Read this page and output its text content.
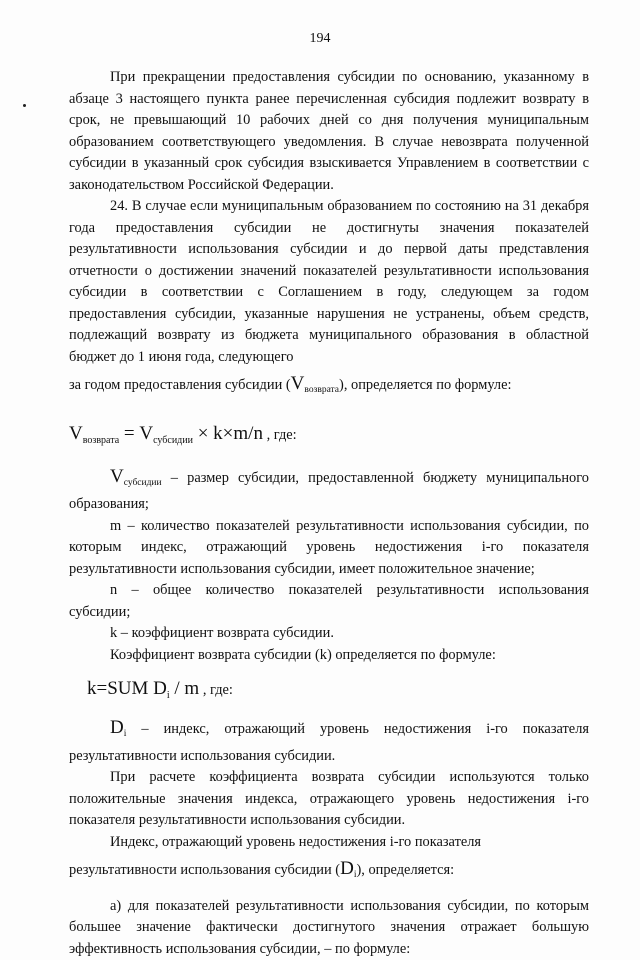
194

При прекращении предоставления субсидии по основанию, указанному в абзаце 3 настоящего пункта ранее перечисленная субсидия подлежит возврату в срок, не превышающий 10 рабочих дней со дня получения муниципальным образованием соответствующего уведомления. В случае невозврата полученной субсидии в указанный срок субсидия взыскивается Управлением в соответствии с законодательством Российской Федерации.

24. В случае если муниципальным образованием по состоянию на 31 декабря года предоставления субсидии не достигнуты значения показателей результативности использования субсидии и до первой даты представления отчетности о достижении значений показателей результативности использования субсидии в соответствии с Соглашением в году, следующем за годом предоставления субсидии, указанные нарушения не устранены, объем средств, подлежащий возврату из бюджета муниципального образования в областной бюджет до 1 июня года, следующего

за годом предоставления субсидии $(V_{возврата})$, определяется по формуле:

$V_{возврата} = V_{субсидии} \times k\times m/n$ , где:

$V_{субсидии}$ – размер субсидии, предоставленной бюджету муниципального образования;

m – количество показателей результативности использования субсидии, по которым индекс, отражающий уровень недостижения i-го показателя результативности использования субсидии, имеет положительное значение;

n – общее количество показателей результативности использования субсидии;

k – коэффициент возврата субсидии.

Коэффициент возврата субсидии (k) определяется по формуле:

k=SUM $D_i$ / m , где:

$D_i$ – индекс, отражающий уровень недостижения i-го показателя результативности использования субсидии.

При расчете коэффициента возврата субсидии используются только положительные значения индекса, отражающего уровень недостижения i-го показателя результативности использования субсидии.

Индекс, отражающий уровень недостижения i-го показателя

результативности использования субсидии $(D_i)$, определяется:

а) для показателей результативности использования субсидии, по которым большее значение фактически достигнутого значения отражает большую эффективность использования субсидии, – по формуле:
